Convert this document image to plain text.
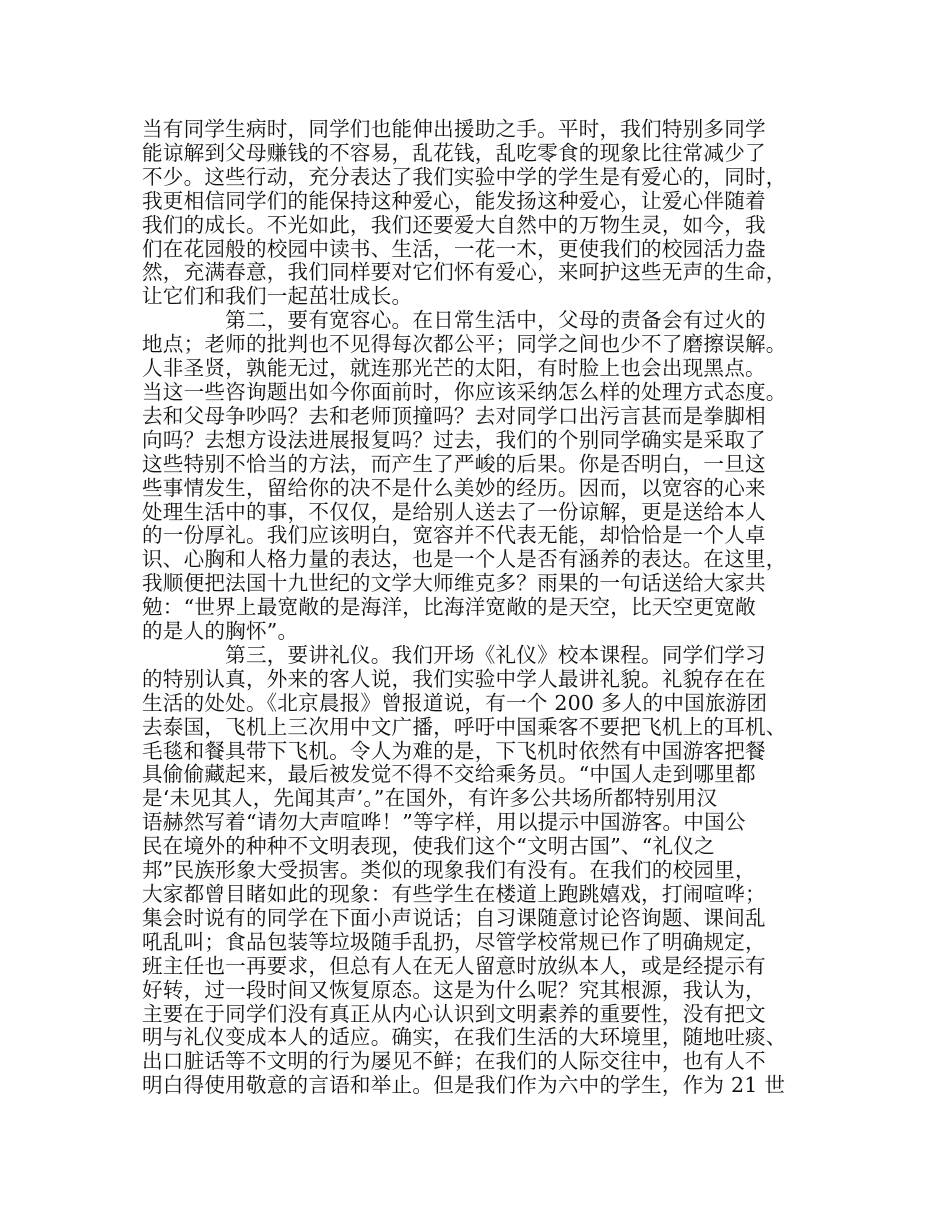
当有同学生病时，同学们也能伸出援助之手。平时，我们特别多同学
能谅解到父母赚钱的不容易，乱花钱，乱吃零食的现象比往常减少了
不少。这些行动，充分表达了我们实验中学的学生是有爱心的，同时，
我更相信同学们的能保持这种爱心，能发扬这种爱心，让爱心伴随着
我们的成长。不光如此，我们还要爱大自然中的万物生灵，如今，我
们在花园般的校园中读书、生活，一花一木，更使我们的校园活力盎
然，充满春意，我们同样要对它们怀有爱心，来呵护这些无声的生命，
让它们和我们一起茁壮成长。
　　　　第二，要有宽容心。在日常生活中，父母的责备会有过火的
地点；老师的批判也不见得每次都公平；同学之间也少不了磨擦误解。
人非圣贤，孰能无过，就连那光芒的太阳，有时脸上也会出现黑点。
当这一些咨询题出如今你面前时，你应该采纳怎么样的处理方式态度。
去和父母争吵吗？去和老师顶撞吗？去对同学口出污言甚而是拳脚相
向吗？去想方设法进展报复吗？过去，我们的个别同学确实是采取了
这些特别不恰当的方法，而产生了严峻的后果。你是否明白，一旦这
些事情发生，留给你的决不是什么美妙的经历。因而，以宽容的心来
处理生活中的事，不仅仅，是给别人送去了一份谅解，更是送给本人
的一份厚礼。我们应该明白，宽容并不代表无能，却恰恰是一个人卓
识、心胸和人格力量的表达，也是一个人是否有涵养的表达。在这里，
我顺便把法国十九世纪的文学大师维克多？雨果的一句话送给大家共
勉：“世界上最宽敞的是海洋，比海洋宽敞的是天空，比天空更宽敞
的是人的胸怀”。
　　　　第三，要讲礼仪。我们开场《礼仪》校本课程。同学们学习
的特别认真，外来的客人说，我们实验中学人最讲礼貌。礼貌存在在
生活的处处。《北京晨报》曾报道说，有一个 200 多人的中国旅游团
去泰国，飞机上三次用中文广播，呼吁中国乘客不要把飞机上的耳机、
毛毯和餐具带下飞机。令人为难的是，下飞机时依然有中国游客把餐
具偷偷藏起来，最后被发觉不得不交给乘务员。“中国人走到哪里都
是‘未见其人，先闻其声’。”在国外，有许多公共场所都特别用汉
语赫然写着“请勿大声喧哗！”等字样，用以提示中国游客。中国公
民在境外的种种不文明表现，使我们这个“文明古国”、“礼仪之
邦”民族形象大受损害。类似的现象我们有没有。在我们的校园里，
大家都曾目睹如此的现象：有些学生在楼道上跑跳嬉戏，打闹喧哗；
集会时说有的同学在下面小声说话；自习课随意讨论咨询题、课间乱
吼乱叫；食品包装等垃圾随手乱扔，尽管学校常规已作了明确规定，
班主任也一再要求，但总有人在无人留意时放纵本人，或是经提示有
好转，过一段时间又恢复原态。这是为什么呢？究其根源，我认为，
主要在于同学们没有真正从内心认识到文明素养的重要性，没有把文
明与礼仪变成本人的适应。确实，在我们生活的大环境里，随地吐痰、
出口脏话等不文明的行为屡见不鲜；在我们的人际交往中，也有人不
明白得使用敬意的言语和举止。但是我们作为六中的学生，作为 21 世
